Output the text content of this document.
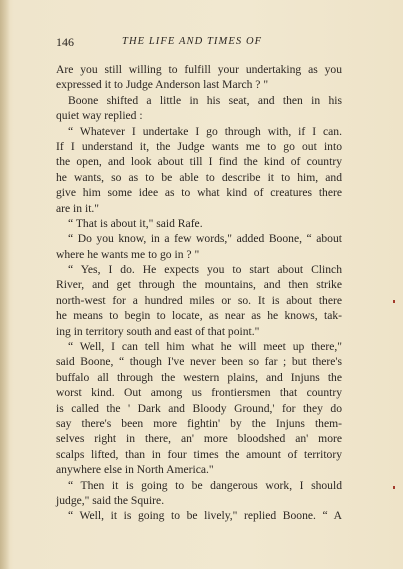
146	THE LIFE AND TIMES OF
Are you still willing to fulfill your undertaking as you
expressed it to Judge Anderson last March ? "
Boone shifted a little in his seat, and then in his
quiet way replied :
“ Whatever I undertake I go through with, if I can.
If I understand it, the Judge wants me to go out into
the open, and look about till I find the kind of country
he wants, so as to be able to describe it to him, and
give him some idee as to what kind of creatures there
are in it."
“ That is about it," said Rafe.
“ Do you know, in a few words," added Boone, “ about
where he wants me to go in ? "
“ Yes, I do. He expects you to start about Clinch
River, and get through the mountains, and then strike
north-west for a hundred miles or so. It is about there
he means to begin to locate, as near as he knows, tak-
ing in territory south and east of that point."
“ Well, I can tell him what he will meet up there,"
said Boone, “ though I've never been so far ; but there's
buffalo all through the western plains, and Injuns the
worst kind. Out among us frontiersmen that country
is called the ' Dark and Bloody Ground,' for they do
say there's been more fightin' by the Injuns them-
selves right in there, an' more bloodshed an' more
scalps lifted, than in four times the amount of territory
anywhere else in North America."
“ Then it is going to be dangerous work, I should
judge," said the Squire.
“ Well, it is going to be lively," replied Boone. “ A
